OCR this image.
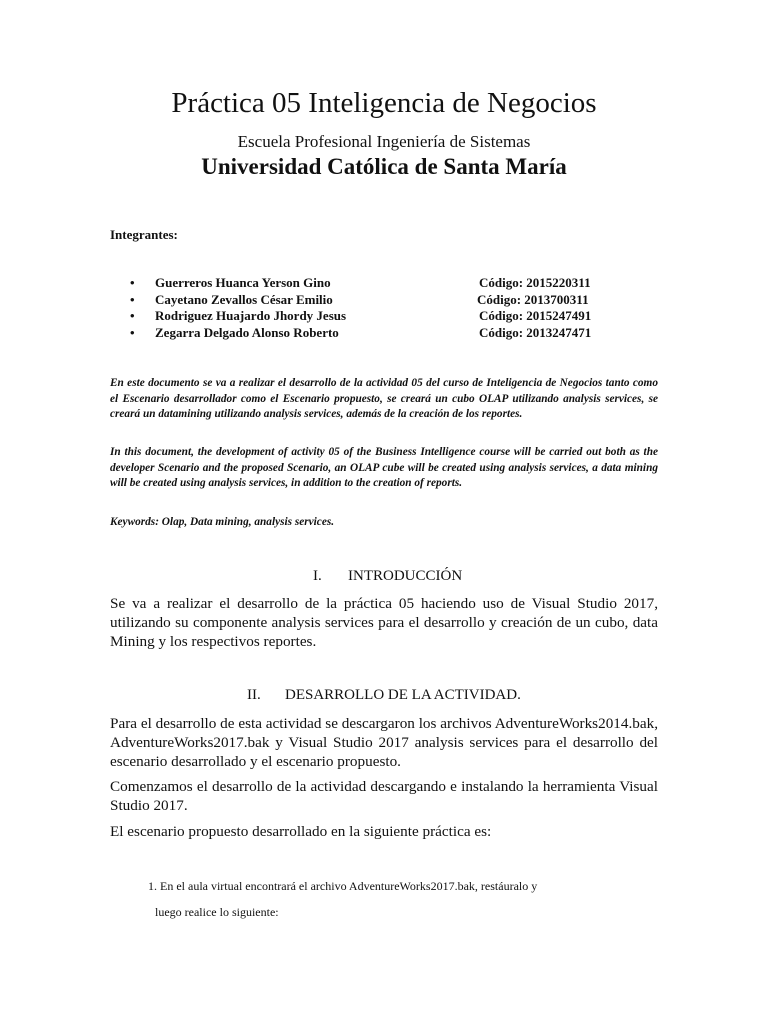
Práctica 05 Inteligencia de Negocios
Escuela Profesional Ingeniería de Sistemas
Universidad Católica de Santa María
Integrantes:
• Guerreros Huanca Yerson Gino	Código: 2015220311
• Cayetano Zevallos César Emilio	Código: 2013700311
• Rodriguez Huajardo Jhordy Jesus	Código: 2015247491
• Zegarra Delgado Alonso Roberto	Código: 2013247471

En este documento se va a realizar el desarrollo de la actividad 05 del curso de Inteligencia de Negocios tanto como el Escenario desarrollador como el Escenario propuesto, se creará un cubo OLAP utilizando analysis services, se creará un datamining utilizando analysis services, además de la creación de los reportes.

In this document, the development of activity 05 of the Business Intelligence course will be carried out both as the developer Scenario and the proposed Scenario, an OLAP cube will be created using analysis services, a data mining will be created using analysis services, in addition to the creation of reports.

Keywords: Olap, Data mining, analysis services.

I. INTRODUCCIÓN

Se va a realizar el desarrollo de la práctica 05 haciendo uso de Visual Studio 2017, utilizando su componente analysis services para el desarrollo y creación de un cubo, data Mining y los respectivos reportes.

II. DESARROLLO DE LA ACTIVIDAD.

Para el desarrollo de esta actividad se descargaron los archivos AdventureWorks2014.bak, AdventureWorks2017.bak y Visual Studio 2017 analysis services para el desarrollo del escenario desarrollado y el escenario propuesto.

Comenzamos el desarrollo de la actividad descargando e instalando la herramienta Visual Studio 2017.

El escenario propuesto desarrollado en la siguiente práctica es:

1. En el aula virtual encontrará el archivo AdventureWorks2017.bak, restáuralo y

luego realice lo siguiente:
